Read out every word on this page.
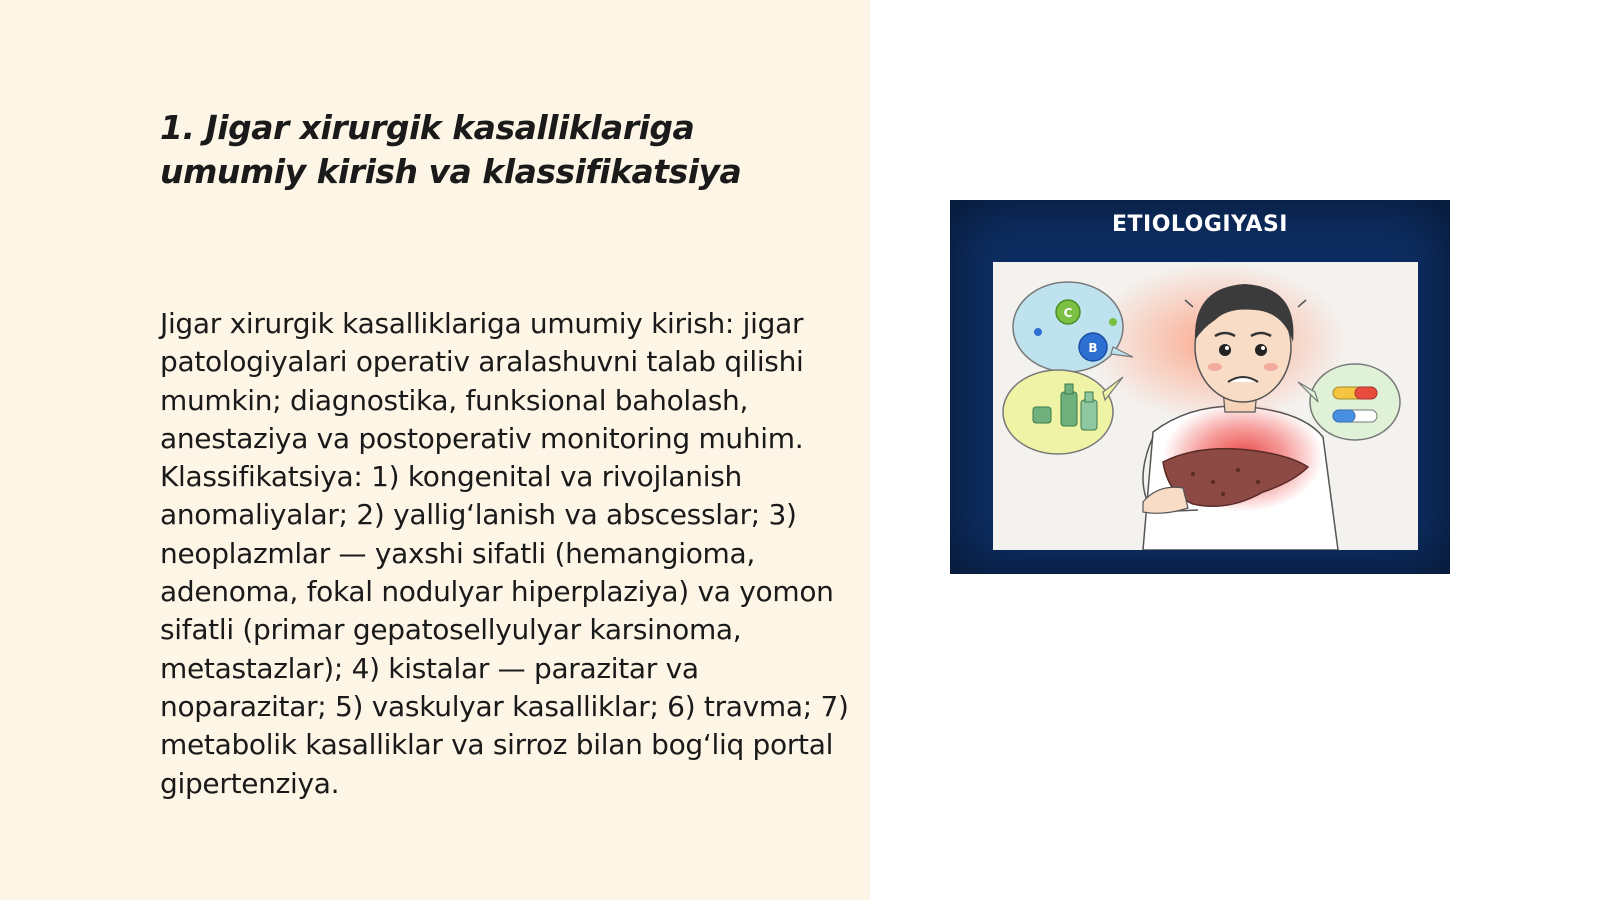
1. Jigar xirurgik kasalliklariga umumiy kirish va klassifikatsiya

Jigar xirurgik kasalliklariga umumiy kirish: jigar patologiyalari operativ aralashuvni talab qilishi mumkin; diagnostika, funksional baholash, anestaziya va postoperativ monitoring muhim. Klassifikatsiya: 1) kongenital va rivojlanish anomaliyalar; 2) yallig‘lanish va abscesslar; 3) neoplazmlar — yaxshi sifatli (hemangioma, adenoma, fokal nodulyar hiperplaziya) va yomon sifatli (primar gepatosellyulyar karsinoma, metastazlar); 4) kistalar — parazitar va noparazitar; 5) vaskulyar kasalliklar; 6) travma; 7) metabolik kasalliklar va sirroz bilan bog‘liq portal gipertenziya.

ETIOLOGIYASI
C
B
